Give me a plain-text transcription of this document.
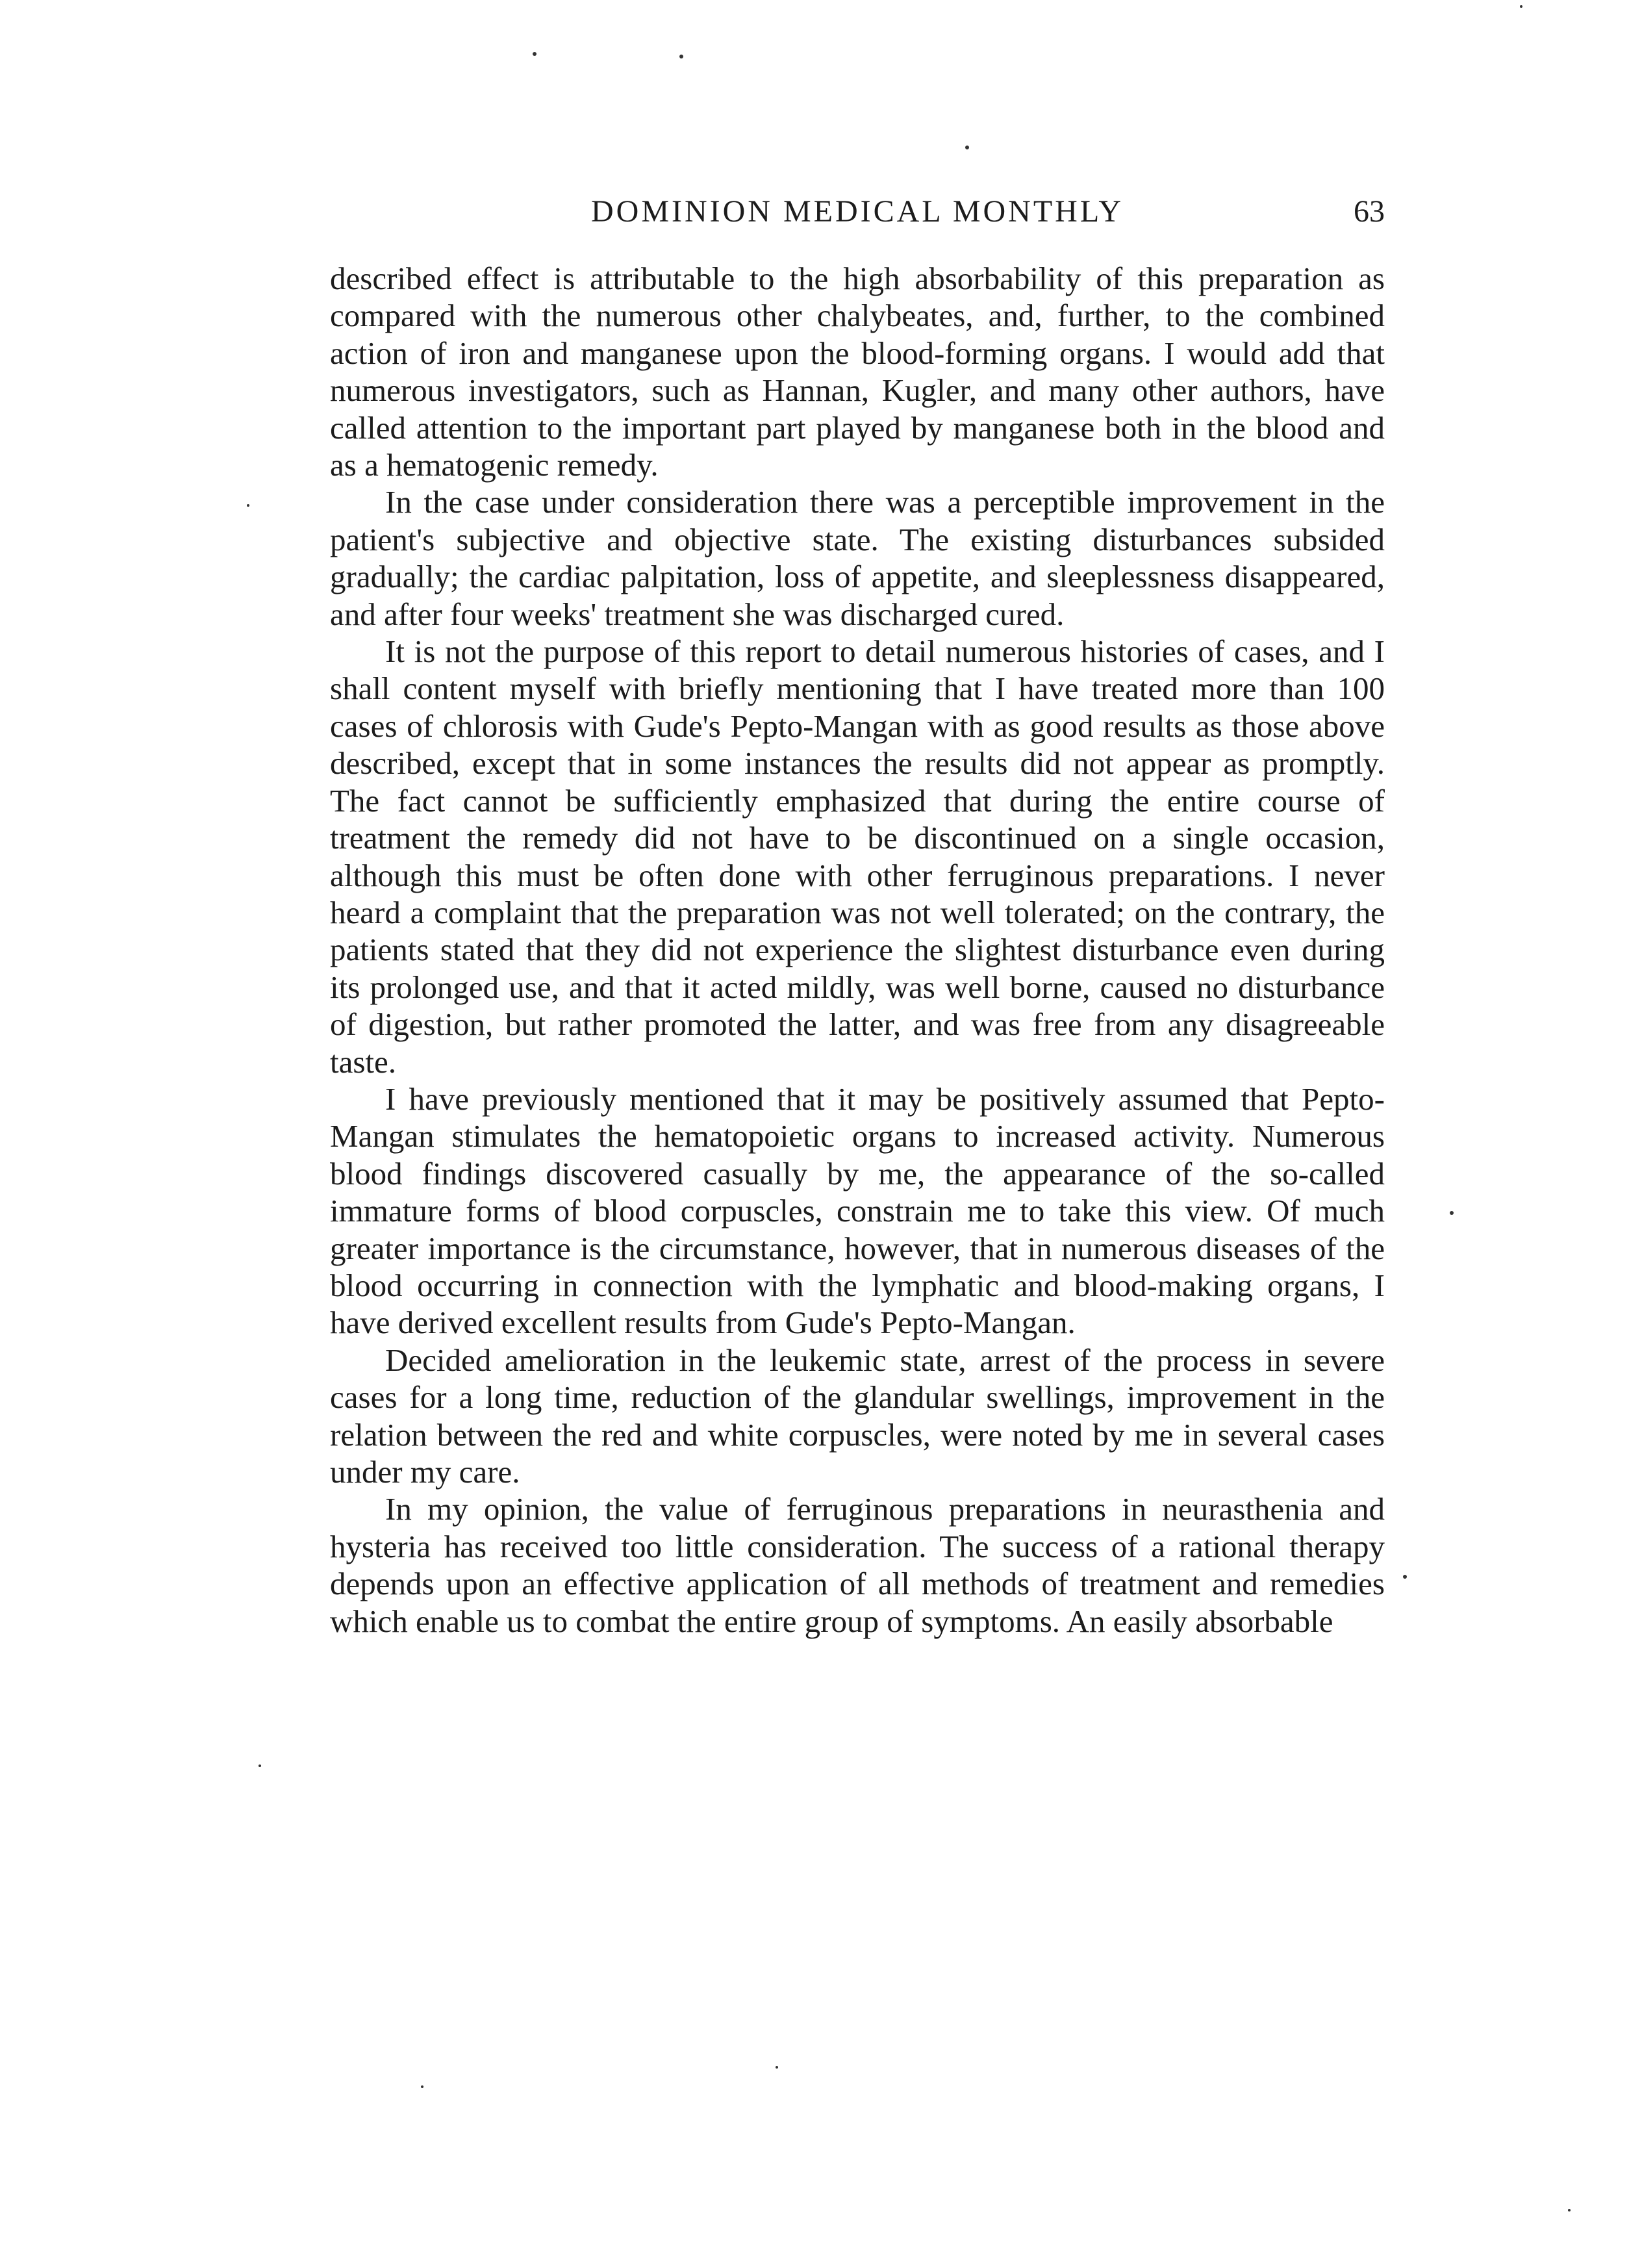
DOMINION MEDICAL MONTHLY	63

described effect is attributable to the high absorbability of this preparation as compared with the numerous other chalybeates, and, further, to the combined action of iron and manganese upon the blood-forming organs. I would add that numerous investigators, such as Hannan, Kugler, and many other authors, have called attention to the important part played by manganese both in the blood and as a hematogenic remedy.

In the case under consideration there was a perceptible improvement in the patient's subjective and objective state. The existing disturbances subsided gradually; the cardiac palpitation, loss of appetite, and sleeplessness disappeared, and after four weeks' treatment she was discharged cured.

It is not the purpose of this report to detail numerous histories of cases, and I shall content myself with briefly mentioning that I have treated more than 100 cases of chlorosis with Gude's Pepto-Mangan with as good results as those above described, except that in some instances the results did not appear as promptly. The fact cannot be sufficiently emphasized that during the entire course of treatment the remedy did not have to be discontinued on a single occasion, although this must be often done with other ferruginous preparations. I never heard a complaint that the preparation was not well tolerated; on the contrary, the patients stated that they did not experience the slightest disturbance even during its prolonged use, and that it acted mildly, was well borne, caused no disturbance of digestion, but rather promoted the latter, and was free from any disagreeable taste.

I have previously mentioned that it may be positively assumed that Pepto-Mangan stimulates the hematopoietic organs to increased activity. Numerous blood findings discovered casually by me, the appearance of the so-called immature forms of blood corpuscles, constrain me to take this view. Of much greater importance is the circumstance, however, that in numerous diseases of the blood occurring in connection with the lymphatic and blood-making organs, I have derived excellent results from Gude's Pepto-Mangan.

Decided amelioration in the leukemic state, arrest of the process in severe cases for a long time, reduction of the glandular swellings, improvement in the relation between the red and white corpuscles, were noted by me in several cases under my care.

In my opinion, the value of ferruginous preparations in neurasthenia and hysteria has received too little consideration. The success of a rational therapy depends upon an effective application of all methods of treatment and remedies which enable us to combat the entire group of symptoms. An easily absorbable
